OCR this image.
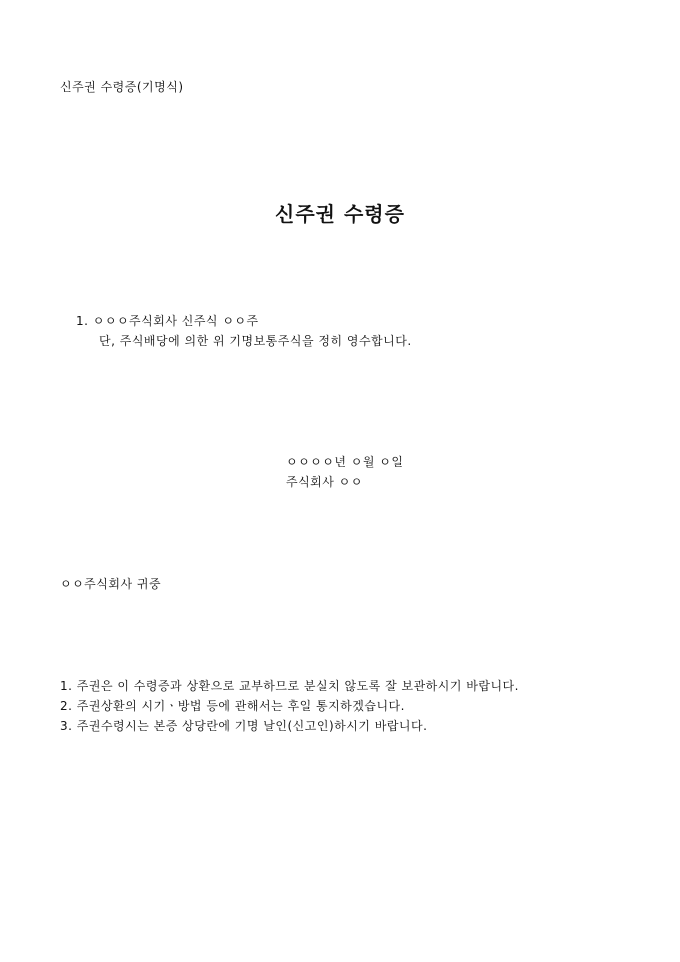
신주권 수령증(기명식)
신주권 수령증
1. ㅇㅇㅇ주식회사 신주식 ㅇㅇ주
단, 주식배당에 의한 위 기명보통주식을 정히 영수합니다.
ㅇㅇㅇㅇ년 ㅇ월 ㅇ일
주식회사 ㅇㅇ
ㅇㅇ주식회사 귀중
1. 주권은 이 수령증과 상환으로 교부하므로 분실치 않도록 잘 보관하시기 바랍니다.
2. 주권상환의 시기ㆍ방법 등에 관해서는 후일 통지하겠습니다.
3. 주권수령시는 본증 상당란에 기명 날인(신고인)하시기 바랍니다.
